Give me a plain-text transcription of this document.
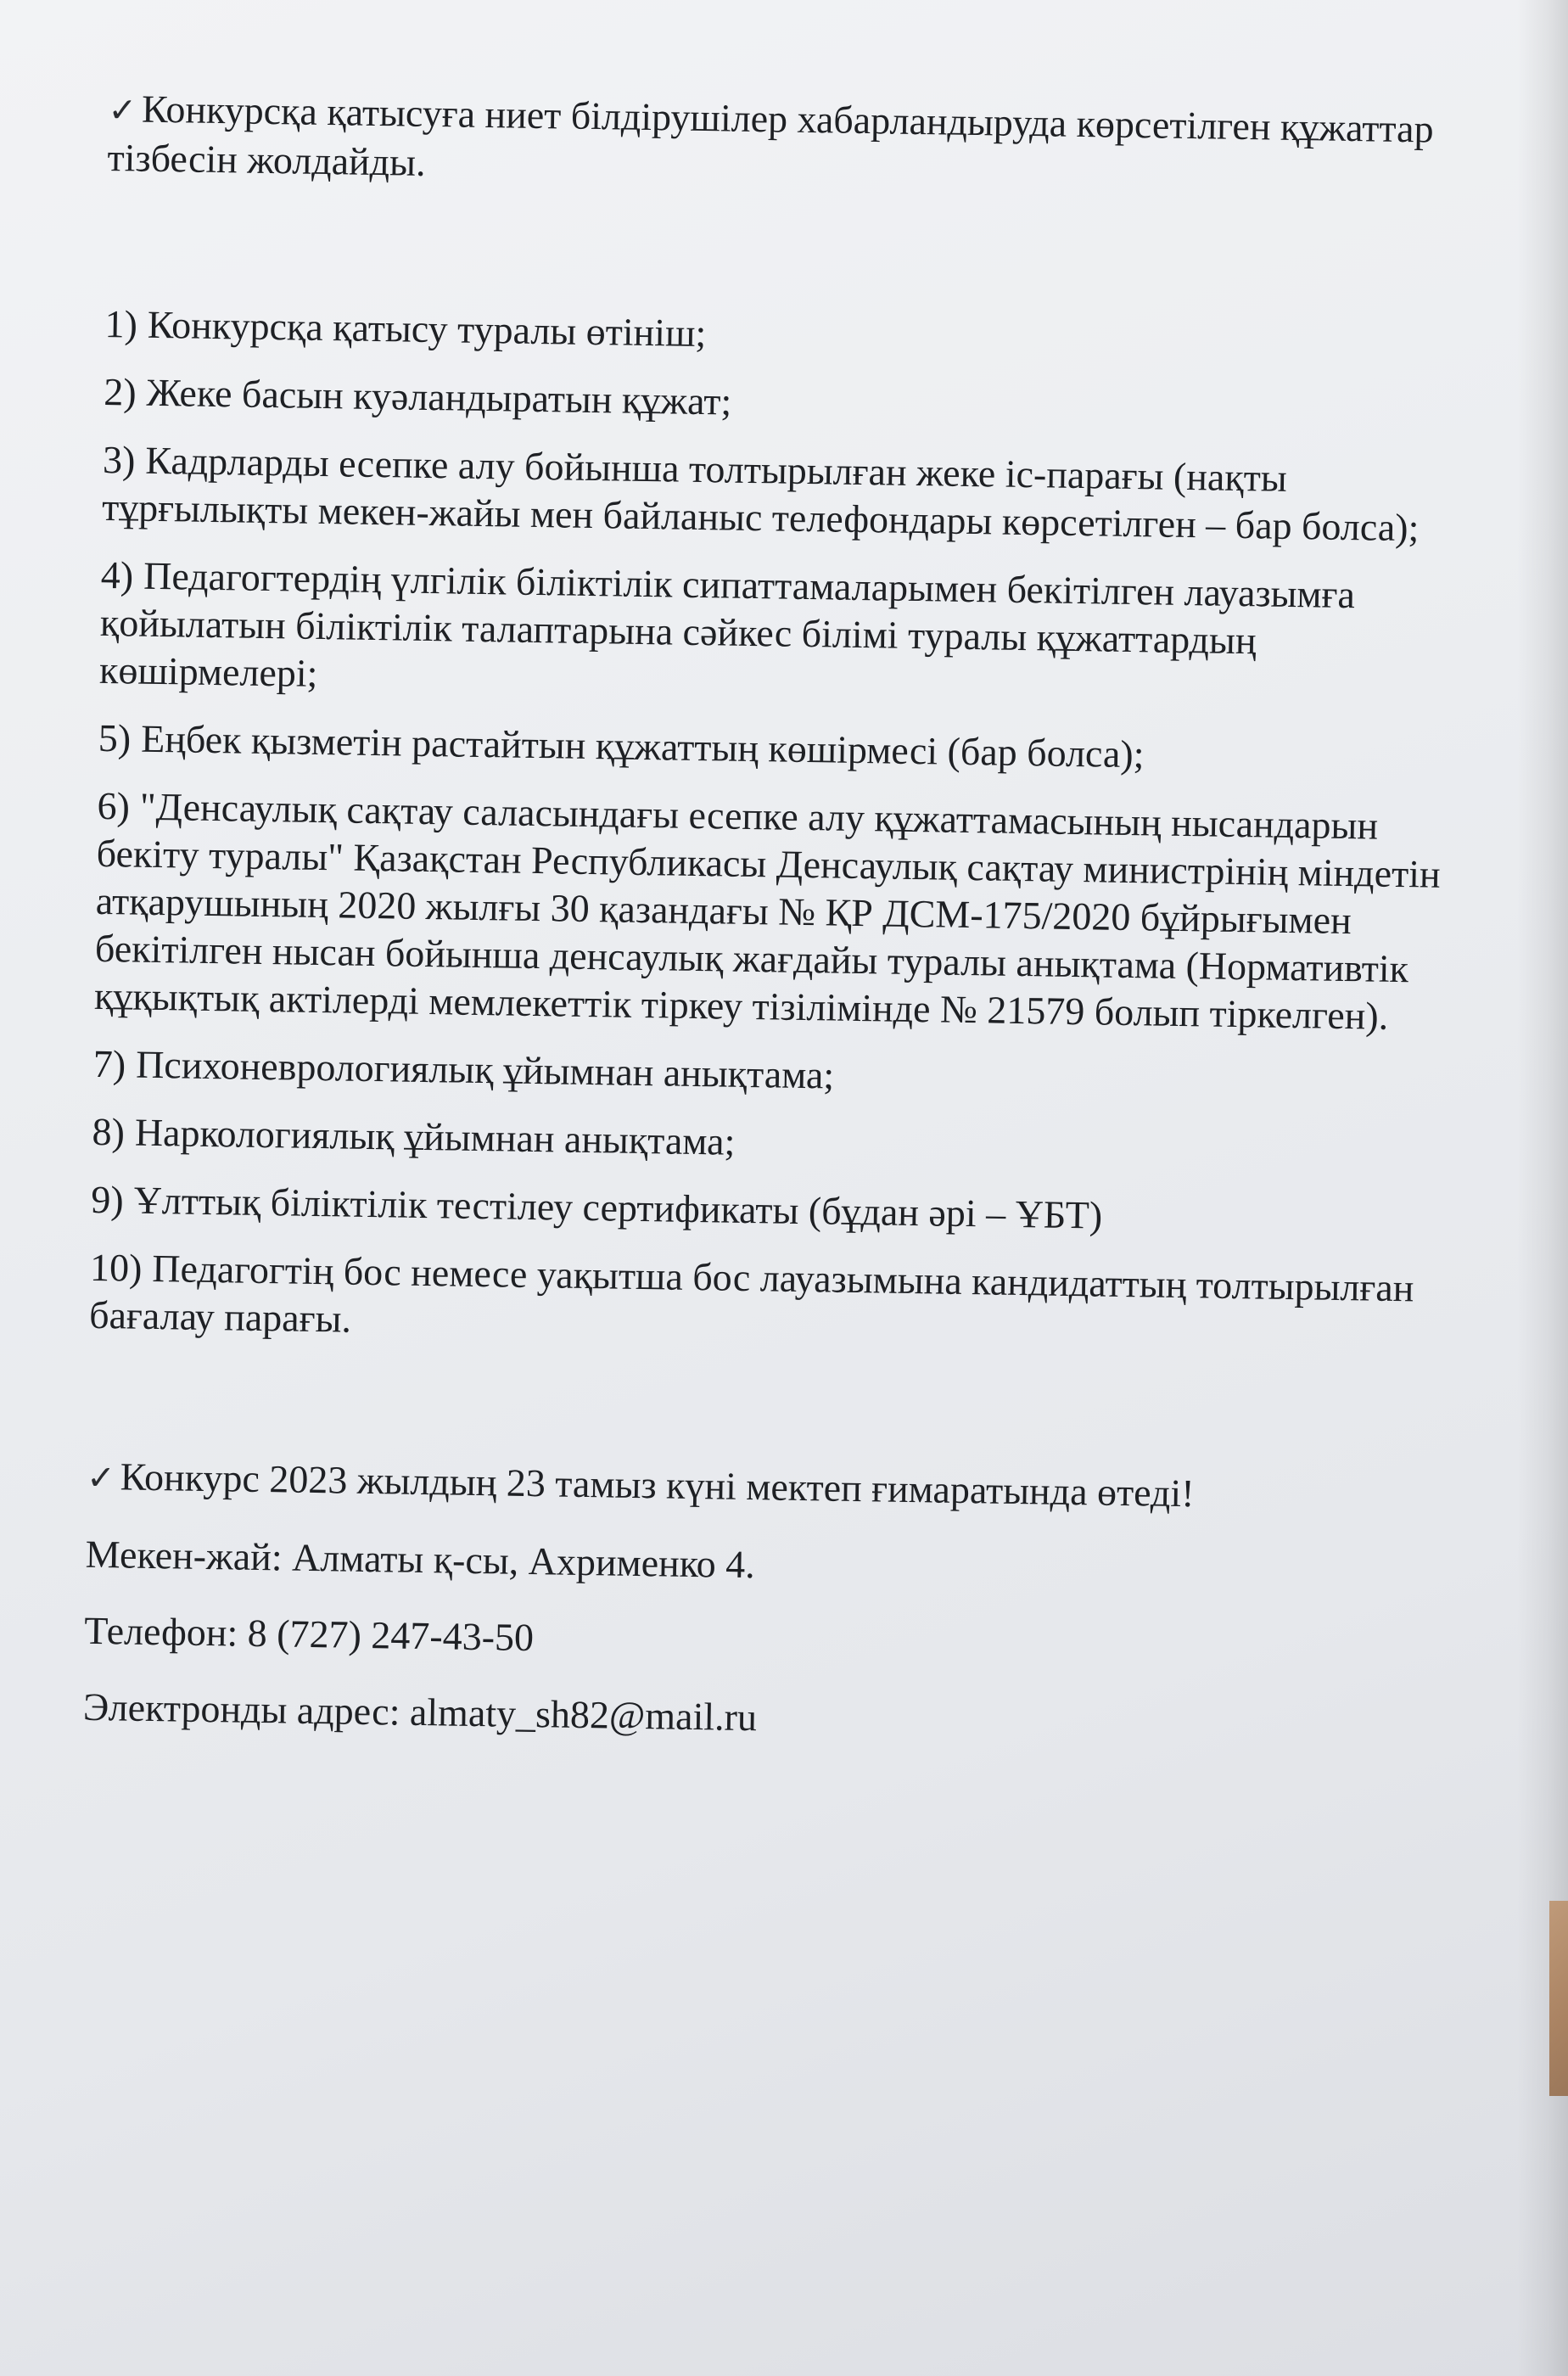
✓ Конкурсқа қатысуға ниет білдірушілер хабарландыруда көрсетілген құжаттар тізбесін жолдайды.

1) Конкурсқа қатысу туралы өтініш;
2) Жеке басын куәландыратын құжат;
3) Кадрларды есепке алу бойынша толтырылған жеке іс-парағы (нақты тұрғылықты мекен-жайы мен байланыс телефондары көрсетілген – бар болса);
4) Педагогтердің үлгілік біліктілік сипаттамаларымен бекітілген лауазымға қойылатын біліктілік талаптарына сәйкес білімі туралы құжаттардың көшірмелері;
5) Еңбек қызметін растайтын құжаттың көшірмесі (бар болса);
6) "Денсаулық сақтау саласындағы есепке алу құжаттамасының нысандарын бекіту туралы" Қазақстан Республикасы Денсаулық сақтау министрінің міндетін атқарушының 2020 жылғы 30 қазандағы № ҚР ДСМ-175/2020 бұйрығымен бекітілген нысан бойынша денсаулық жағдайы туралы анықтама (Нормативтік құқықтық актілерді мемлекеттік тіркеу тізілімінде № 21579 болып тіркелген).
7) Психоневрологиялық ұйымнан анықтама;
8) Наркологиялық ұйымнан анықтама;
9) Ұлттық біліктілік тестілеу сертификаты (бұдан әрі – ҰБТ)
10) Педагогтің бос немесе уақытша бос лауазымына кандидаттың толтырылған бағалау парағы.

✓ Конкурс 2023 жылдың 23 тамыз күні мектеп ғимаратында өтеді!

Мекен-жай: Алматы қ-сы, Ахрименко 4.

Телефон: 8 (727) 247-43-50

Электронды адрес: almaty_sh82@mail.ru
